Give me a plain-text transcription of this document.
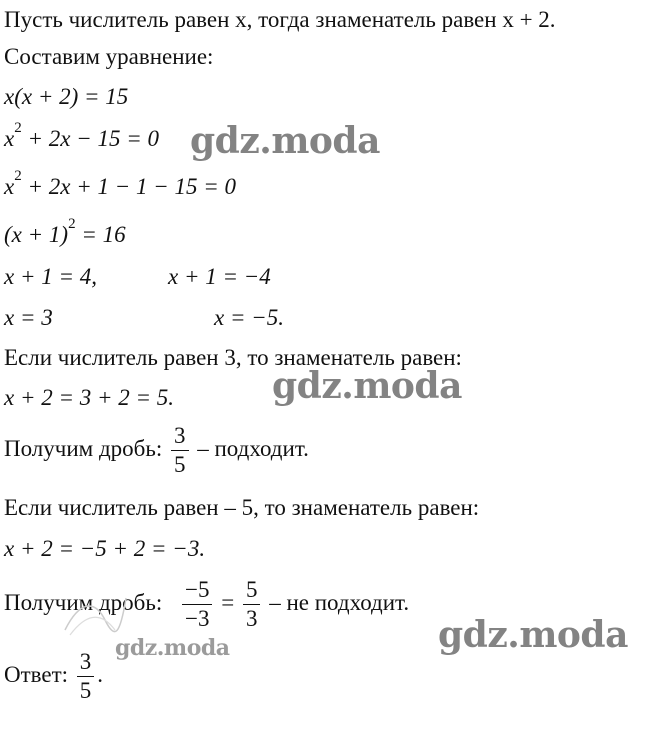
Пусть числитель равен x, тогда знаменатель равен x + 2.
Составим уравнение:
x(x + 2) = 15
$x^2 + 2x - 15 = 0$
$x^2 + 2x + 1 - 1 - 15 = 0$
$(x + 1)^2 = 16$
x + 1 = 4,	x + 1 = −4
x = 3	x = −5.
Если числитель равен 3, то знаменатель равен:
x + 2 = 3 + 2 = 5.
Получим дробь: $\frac{3}{5}$ – подходит.
Если числитель равен – 5, то знаменатель равен:
x + 2 = −5 + 2 = −3.
Получим дробь: $\frac{-5}{-3} = \frac{5}{3}$ – не подходит.
Ответ: $\frac{3}{5}$ .
gdz.moda
gdz.moda
gdz.moda
gdz.moda
